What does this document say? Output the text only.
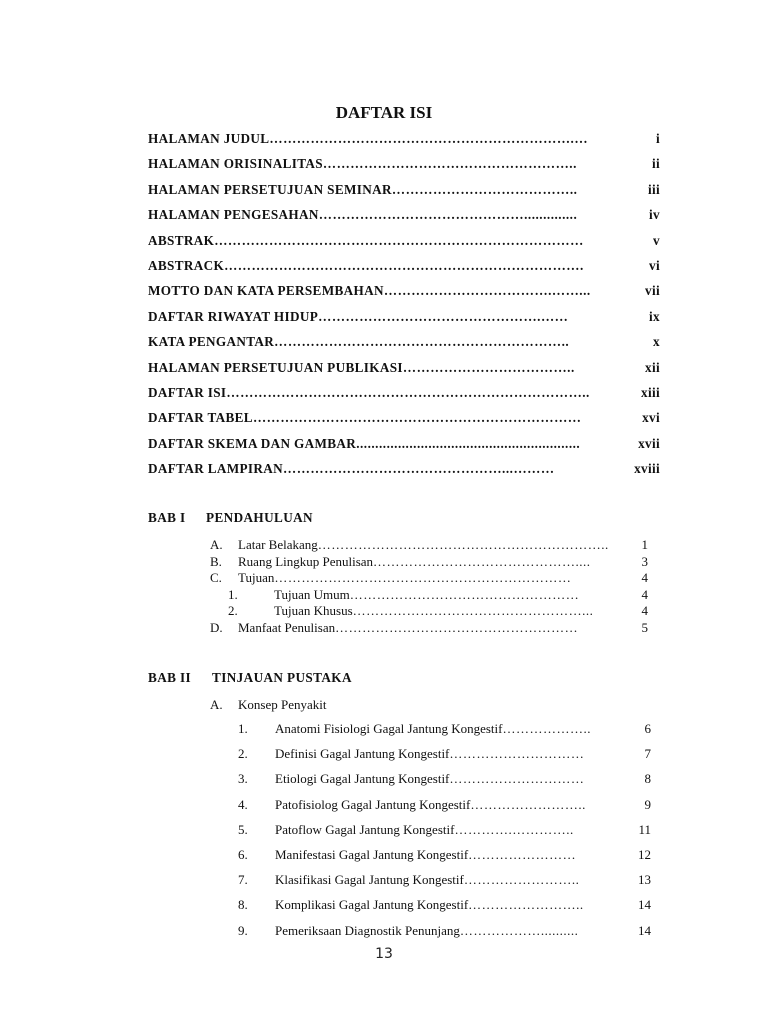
DAFTAR ISI
HALAMAN JUDUL ………………………………………………………….…	i
HALAMAN ORISINALITAS ………………………………………………..	ii
HALAMAN PERSETUJUAN SEMINAR …………………………………..	iii
HALAMAN PENGESAHAN ………………………………………..............	iv
ABSTRAK ………………………………………………………………………	v
ABSTRACK …………………………………………………………………….	vi
MOTTO DAN KATA PERSEMBAHAN ……………………………….……...	vii
DAFTAR RIWAYAT HIDUP ………………………………………….……	ix
KATA PENGANTAR ………………………………………………………..	x
HALAMAN PERSETUJUAN PUBLIKASI ………………………………..	xii
DAFTAR ISI ……………………………………………………………………..	xiii
DAFTAR TABEL ………………………………………………………………	xvi
DAFTAR SKEMA DAN GAMBAR ...........................................................	xvii
DAFTAR LAMPIRAN …………………………………………...………	xviii
BAB I PENDAHULUAN
A.	Latar Belakang ………………………………………………………..	1
B.	Ruang Lingkup Penulisan ………………………………………....	3
C.	Tujuan …………………………………………………………	4
1.	Tujuan Umum ……………………………………………	4
2.	Tujuan Khusus ……………………………………………...	4
D.	Manfaat Penulisan ………………………………………………	5
BAB II TINJAUAN PUSTAKA
A.	Konsep Penyakit
1.	Anatomi Fisiologi Gagal Jantung Kongestif ………………..	6
2.	Definisi Gagal Jantung Kongestif …………………………	7
3.	Etiologi Gagal Jantung Kongestif …………………………	8
4.	Patofisiolog Gagal Jantung Kongestif ……………………..	9
5.	Patoflow Gagal Jantung Kongestif ………….…………..	11
6.	Manifestasi Gagal Jantung Kongestif ……………………	12
7.	Klasifikasi Gagal Jantung Kongestif ……………………..	13
8.	Komplikasi Gagal Jantung Kongestif ……………………..	14
9.	Pemeriksaan Diagnostik Penunjang ………………..........	14
13
